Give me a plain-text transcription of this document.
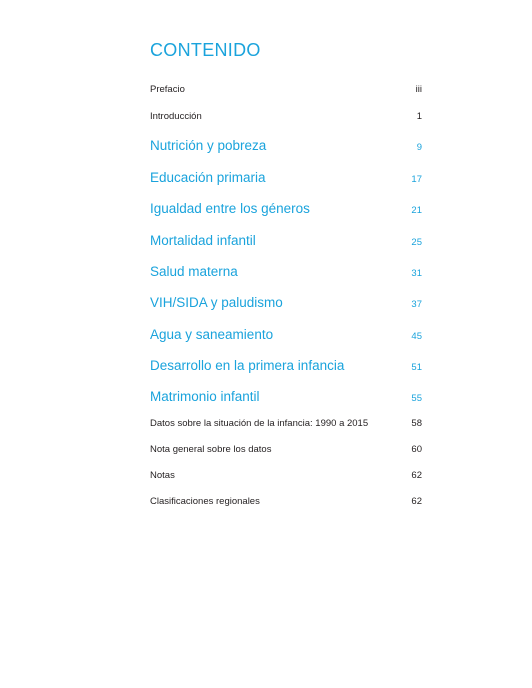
CONTENIDO
Prefacio	iii
Introducción	1
Nutrición y pobreza	9
Educación primaria	17
Igualdad entre los géneros	21
Mortalidad infantil	25
Salud materna	31
VIH/SIDA y paludismo	37
Agua y saneamiento	45
Desarrollo en la primera infancia	51
Matrimonio infantil	55
Datos sobre la situación de la infancia: 1990 a 2015	58
Nota general sobre los datos	60
Notas	62
Clasificaciones regionales	62
